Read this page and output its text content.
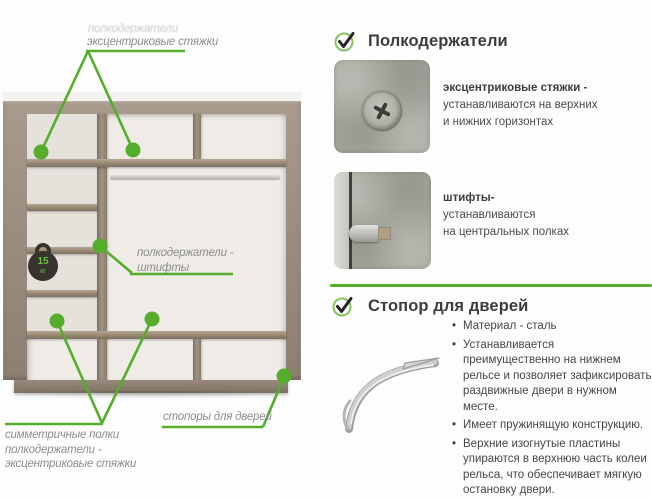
15
кг
полкодержатели
эксцентриковые стяжки
полкодержатели -
штифты
симметричные полки
полкодержатели -
эксцентриковые стяжки
стопоры для дверей
Полкодержатели
эксцентриковые стяжки -
устанавливаются на верхних
и нижних горизонтах
штифты-
устанавливаются
на центральных полках
Стопор для дверей
• Материал - сталь
• Устанавливается преимущественно на нижнем рельсе и позволяет зафиксировать раздвижные двери в нужном месте.
• Имеет пружинящую конструкцию.
• Верхние изогнутые пластины упираются в верхнюю часть колеи рельса, что обеспечивает мягкую остановку двери.
